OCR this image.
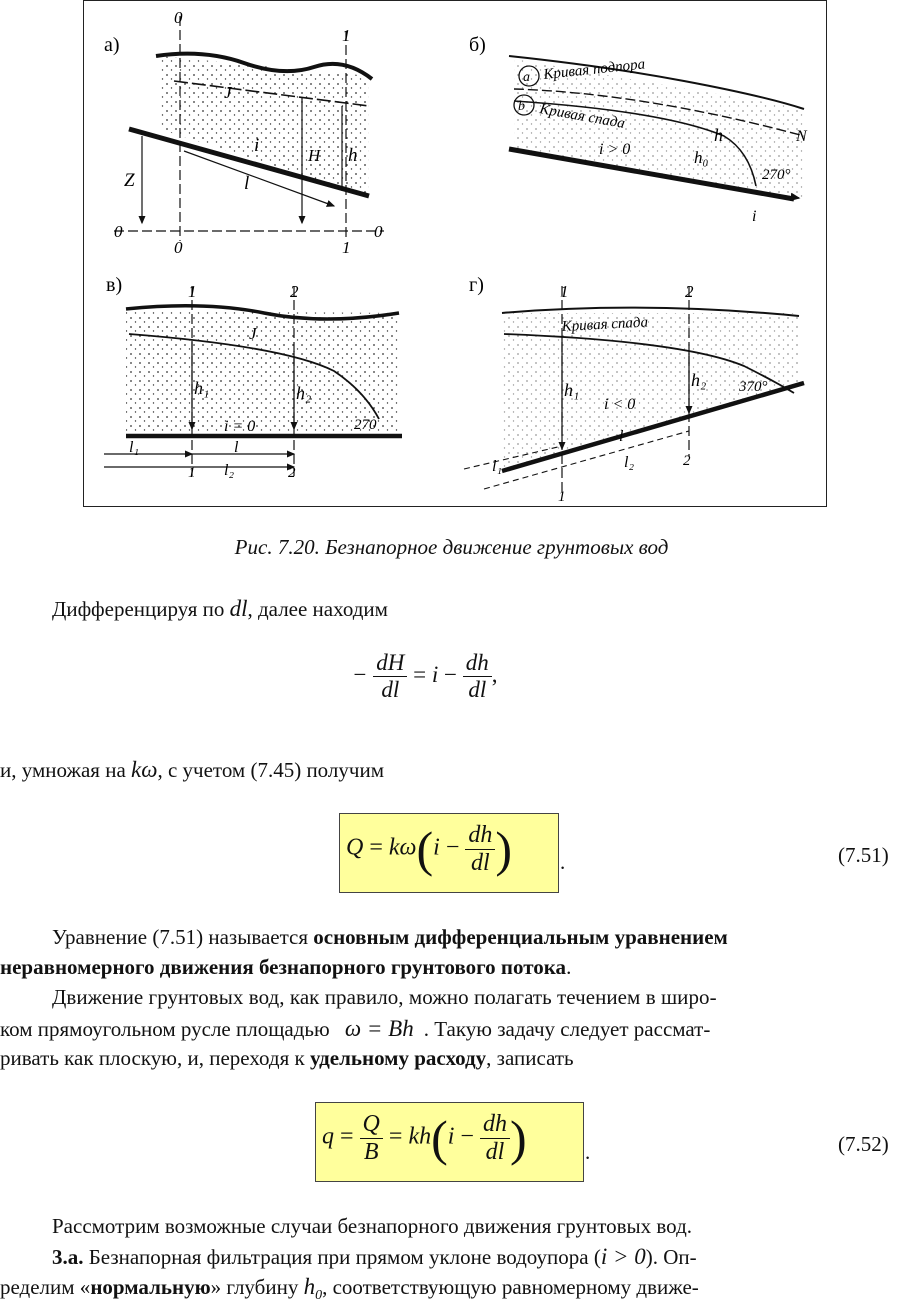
а)
0
1
0
1
0
0
Z
H h
l
i
J
б)
a Кривая подпора
b Кривая спада
h
i > 0	h₀
N
270°
i
в)	1	2
J
h₁	h₂
i = 0	270
l₁	l
l₂
1	2
г)	1	2
Кривая спада
h₁	h₂
i < 0
370°
l
l₁	l₂	2
1
Рис. 7.20. Безнапорное движение грунтовых вод
Дифференцируя по dl, далее находим
− $\frac{dH}{dl} = i - \frac{dh}{dl}$ ,
и, умножая на kω, с учетом (7.45) получим
$Q = k\omega(i - \frac{dh}{dl}$ ) .	(7.51)
Уравнение (7.51) называется основным дифференциальным уравнением
неравномерного движения безнапорного грунтового потока.
Движение грунтовых вод, как правило, можно полагать течением в широ-
ком прямоугольном русле площадью ω = Bh . Такую задачу следует рассмат-
ривать как плоскую, и, переходя к удельному расходу, записать
$q = \frac{Q}{B} = kh(i - \frac{dh}{dl}$ )	.	(7.52)
Рассмотрим возможные случаи безнапорного движения грунтовых вод.
3.а. Безнапорная фильтрация при прямом уклоне водоупора (i > 0). Оп-
ределим «нормальную» глубину $h_0$, соответствующую равномерному движе-
